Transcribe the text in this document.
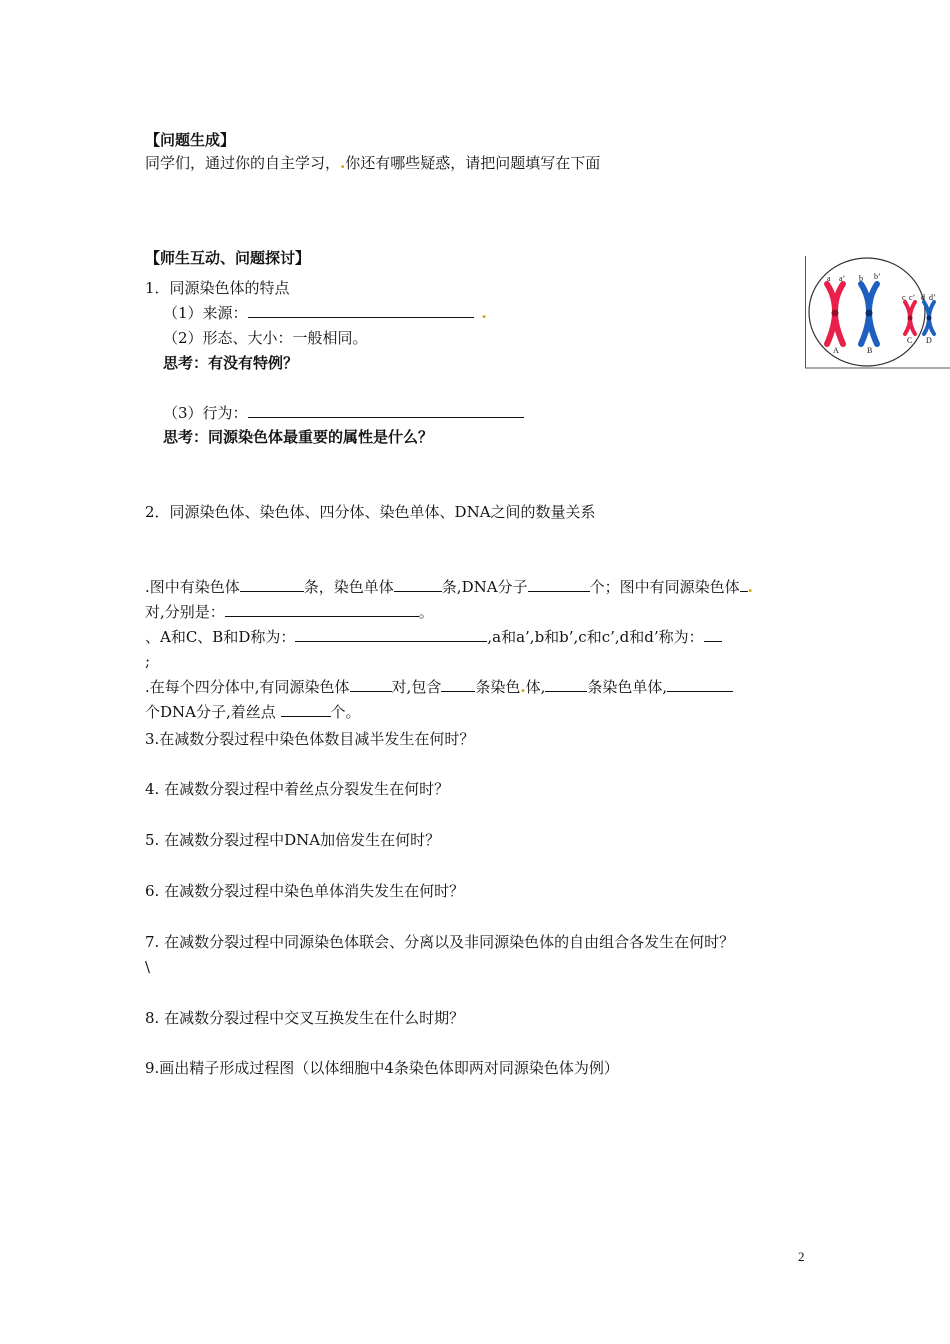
【问题生成】
同学们，通过你的自主学习，.你还有哪些疑惑，请把问题填写在下面
【师生互动、问题探讨】
1．同源染色体的特点
（1）来源：	.
（2）形态、大小：一般相同。
思考：有没有特例？
（3）行为：
思考：同源染色体最重要的属性是什么？
2．同源染色体、染色体、四分体、染色单体、DNA之间的数量关系
.图中有染色体	条，染色单体	条,DNA分子	个；图中有同源染色体 .
对,分别是：	。
、A和C、B和D称为：	,a和a’,b和b’,c和c’,d和d’称为：
;
.在每个四分体中,有同源染色体	对,包含 条染色.体,	条染色单体,
个DNA分子,着丝点	个。
3.在减数分裂过程中染色体数目减半发生在何时？
4. 在减数分裂过程中着丝点分裂发生在何时？
5. 在减数分裂过程中DNA加倍发生在何时？
6. 在减数分裂过程中染色单体消失发生在何时？
7. 在减数分裂过程中同源染色体联会、分离以及非同源染色体的自由组合各发生在何时？
\
8. 在减数分裂过程中交叉互换发生在什么时期？
9.画出精子形成过程图（以体细胞中4条染色体即两对同源染色体为例）
a a’ b b’
c c’ d d’
A	B
C D
2
